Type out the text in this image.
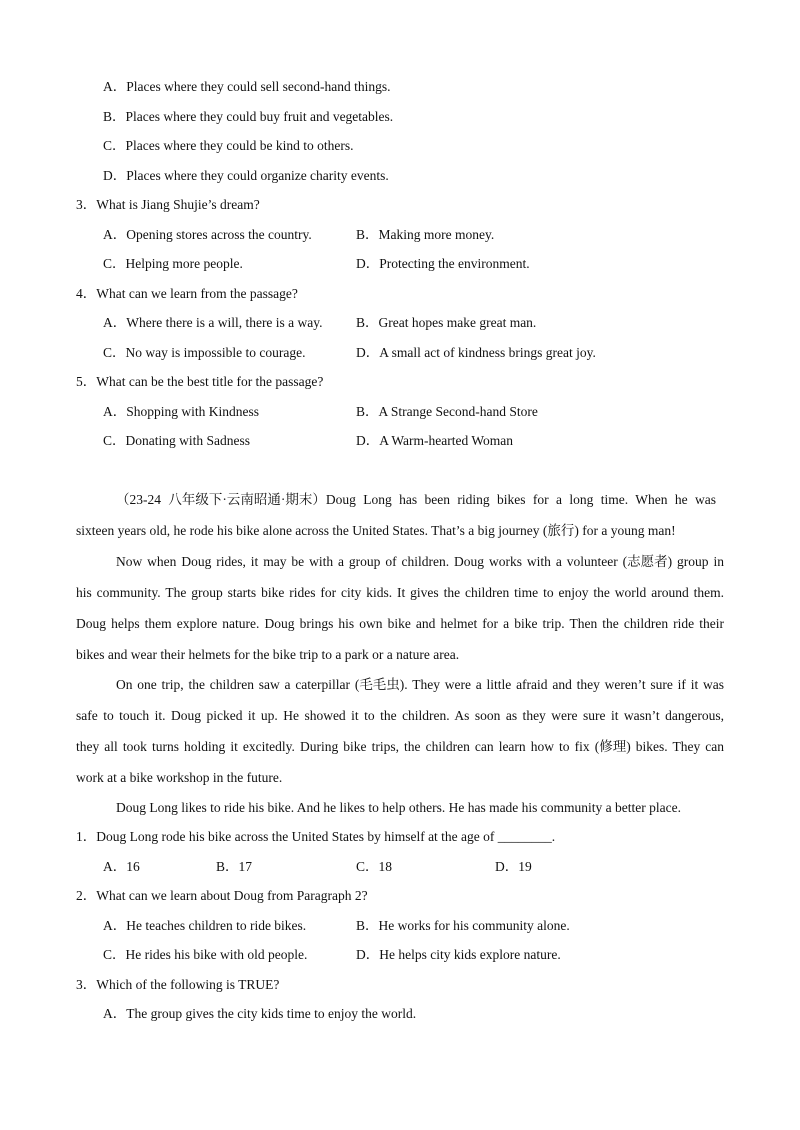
A．Places where they could sell second-hand things.
B．Places where they could buy fruit and vegetables.
C．Places where they could be kind to others.
D．Places where they could organize charity events.
3．What is Jiang Shujie’s dream?
A．Opening stores across the country.	B．Making more money.
C．Helping more people.	D．Protecting the environment.
4．What can we learn from the passage?
A．Where there is a will, there is a way. B．Great hopes make great man.
C．No way is impossible to courage.	D．A small act of kindness brings great joy.
5．What can be the best title for the passage?
A．Shopping with Kindness	B．A Strange Second-hand Store
C．Donating with Sadness	D．A Warm-hearted Woman
（23-24 八年级下·云南昭通·期末）Doug Long has been riding bikes for a long time. When he was
sixteen years old, he rode his bike alone across the United States. That’s a big journey (旅行) for a young man!
Now when Doug rides, it may be with a group of children. Doug works with a volunteer (志愿者) group in
his community. The group starts bike rides for city kids. It gives the children time to enjoy the world around them.
Doug helps them explore nature. Doug brings his own bike and helmet for a bike trip. Then the children ride their
bikes and wear their helmets for the bike trip to a park or a nature area.
On one trip, the children saw a caterpillar (毛毛虫). They were a little afraid and they weren’t sure if it was
safe to touch it. Doug picked it up. He showed it to the children. As soon as they were sure it wasn’t dangerous,
they all took turns holding it excitedly. During bike trips, the children can learn how to fix (修理) bikes. They can
work at a bike workshop in the future.
Doug Long likes to ride his bike. And he likes to help others. He has made his community a better place.
1．Doug Long rode his bike across the United States by himself at the age of ________.
A．16	B．17	C．18	D．19
2．What can we learn about Doug from Paragraph 2?
A．He teaches children to ride bikes.	B．He works for his community alone.
C．He rides his bike with old people.	D．He helps city kids explore nature.
3．Which of the following is TRUE?
A．The group gives the city kids time to enjoy the world.
